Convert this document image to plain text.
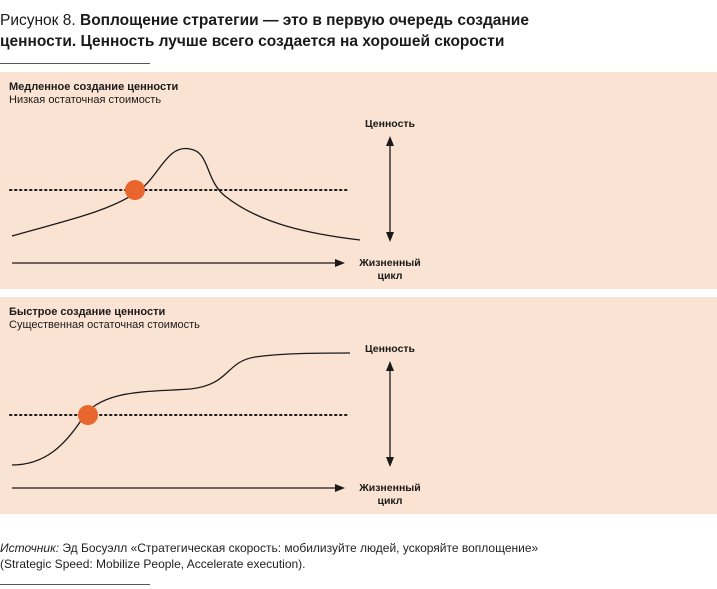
Рисунок 8. Воплощение стратегии — это в первую очередь создание ценности. Ценность лучше всего создается на хорошей скорости

Медленное создание ценности

Низкая остаточная стоимость

Ценность
Жизненный цикл

Быстрое создание ценности

Существенная остаточная стоимость

Ценность
Жизненный цикл

Источник: Эд Босуэлл «Стратегическая скорость: мобилизуйте людей, ускоряйте воплощение» (Strategic Speed: Mobilize People, Accelerate execution).
